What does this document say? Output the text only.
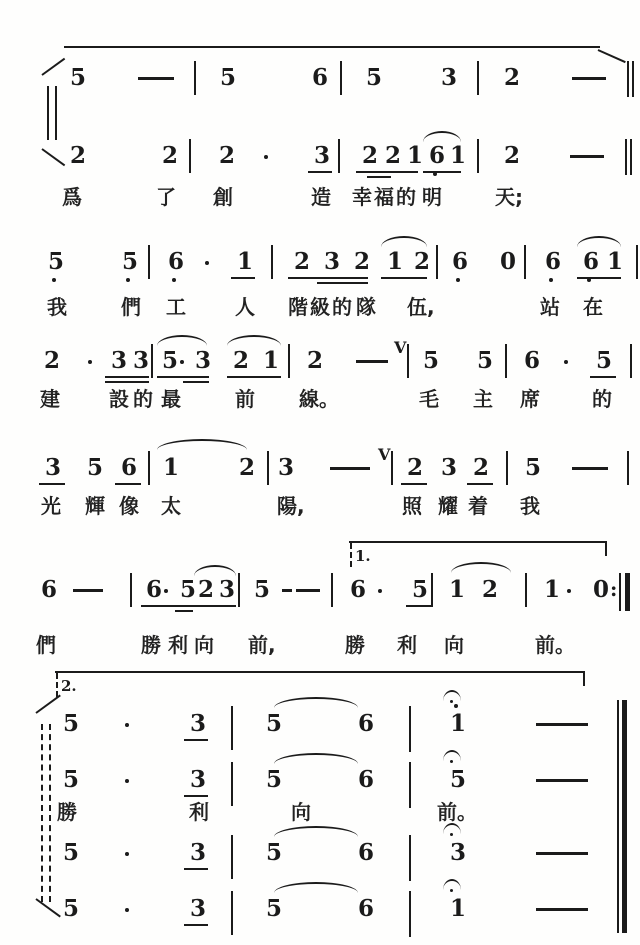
1.
5	5	6 5	3 2
2	2 2	3 2 2 1 6 1 2
爲	了 創	造 幸 福 的 明	天;
5	5 6 1 2 3 2 1 2 6 0 6 6 1
我	們 工 人 階 級 的 隊 伍,	站 在
2 3 3 5 3 2 1 2	V 5 5 6 5
建 設 的 最	前 線。	毛 主 席	的
3 5 6 1	2 3	V 2 3 2 5
光 輝 像 太	陽,	照 耀 着 我
6	6 5 2 3 5	6 5 1 2 1 0 :
們	勝 利 向 前,	勝 利 向	前。
2.
5	3	5	6	1
5	3	5	6	5
勝	利	向	前。
5	3	5	6	3
5	3	5	6	1
